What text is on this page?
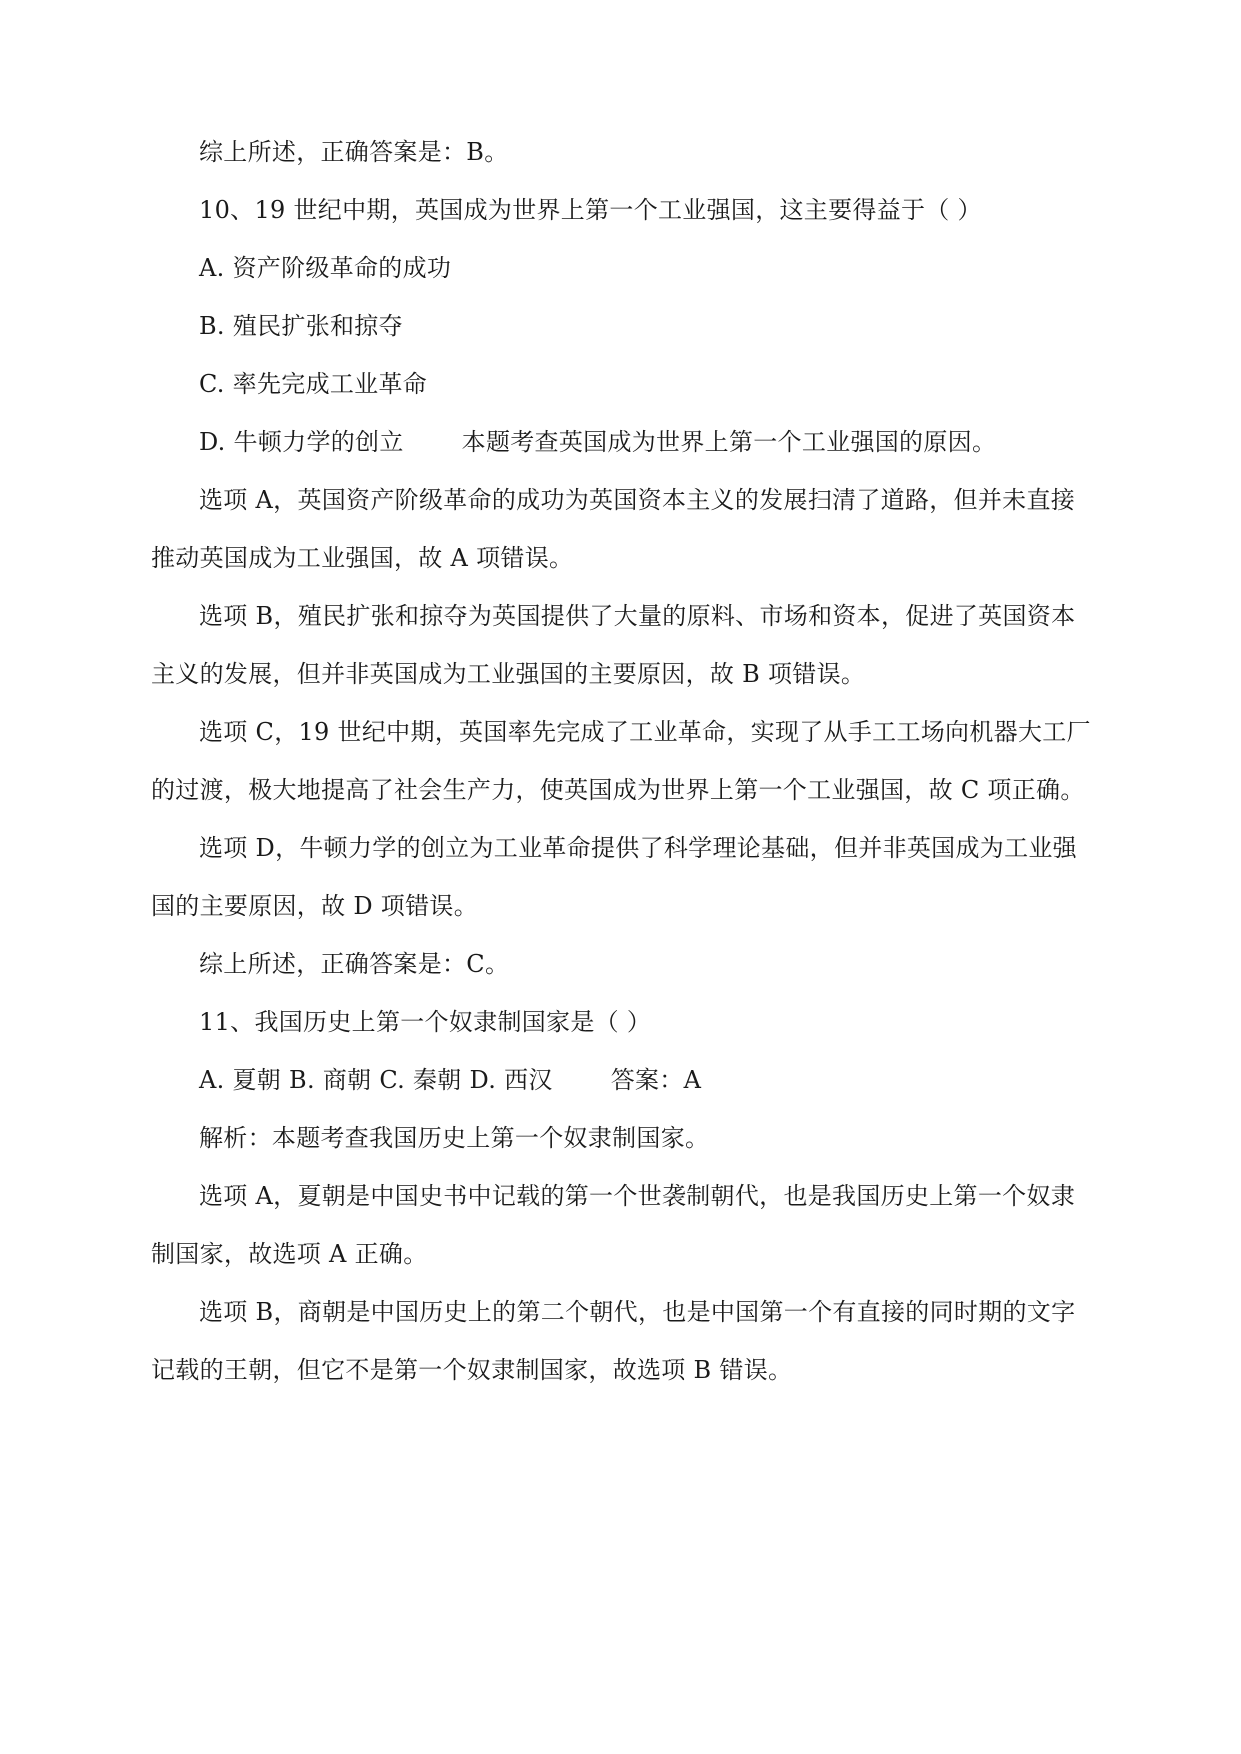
综上所述，正确答案是：B。
10、19 世纪中期，英国成为世界上第一个工业强国，这主要得益于（ ）
A. 资产阶级革命的成功
B. 殖民扩张和掠夺
C. 率先完成工业革命
D. 牛顿力学的创立 本题考查英国成为世界上第一个工业强国的原因。
选项 A，英国资产阶级革命的成功为英国资本主义的发展扫清了道路，但并未直接
推动英国成为工业强国，故 A 项错误。
选项 B，殖民扩张和掠夺为英国提供了大量的原料、市场和资本，促进了英国资本
主义的发展，但并非英国成为工业强国的主要原因，故 B 项错误。
选项 C，19 世纪中期，英国率先完成了工业革命，实现了从手工工场向机器大工厂
的过渡，极大地提高了社会生产力，使英国成为世界上第一个工业强国，故 C 项正确。
选项 D，牛顿力学的创立为工业革命提供了科学理论基础，但并非英国成为工业强
国的主要原因，故 D 项错误。
综上所述，正确答案是：C。
11、我国历史上第一个奴隶制国家是（ ）
A. 夏朝 B. 商朝 C. 秦朝 D. 西汉 答案：A
解析：本题考查我国历史上第一个奴隶制国家。
选项 A，夏朝是中国史书中记载的第一个世袭制朝代，也是我国历史上第一个奴隶
制国家，故选项 A 正确。
选项 B，商朝是中国历史上的第二个朝代，也是中国第一个有直接的同时期的文字
记载的王朝，但它不是第一个奴隶制国家，故选项 B 错误。
